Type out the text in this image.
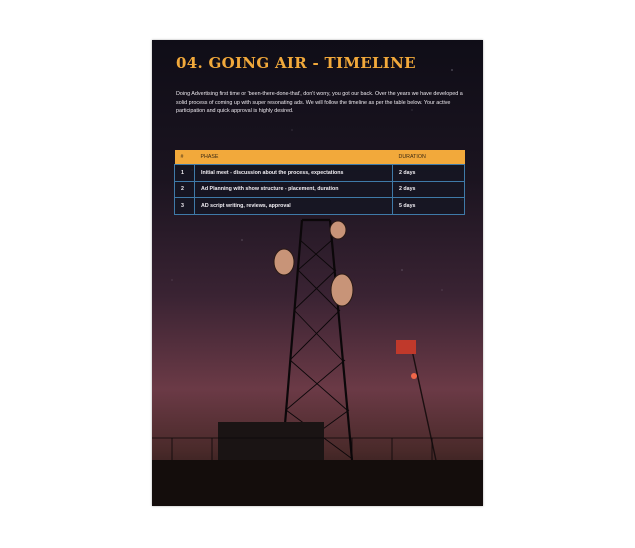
04. GOING AIR - TIMELINE

Doing Advertising first time or 'been-there-done-that', don't worry, you got our back. Over the years we have developed a solid process of coming up with super resonating ads. We will follow the timeline as per the table below. Your active participation and quick approval is highly desired.

#	PHASE	DURATION
1	Initial meet - discussion about the process, expectations	2 days
2	Ad Planning with show structure - placement, duration	2 days
3	AD script writing, reviews, approval	5 days
